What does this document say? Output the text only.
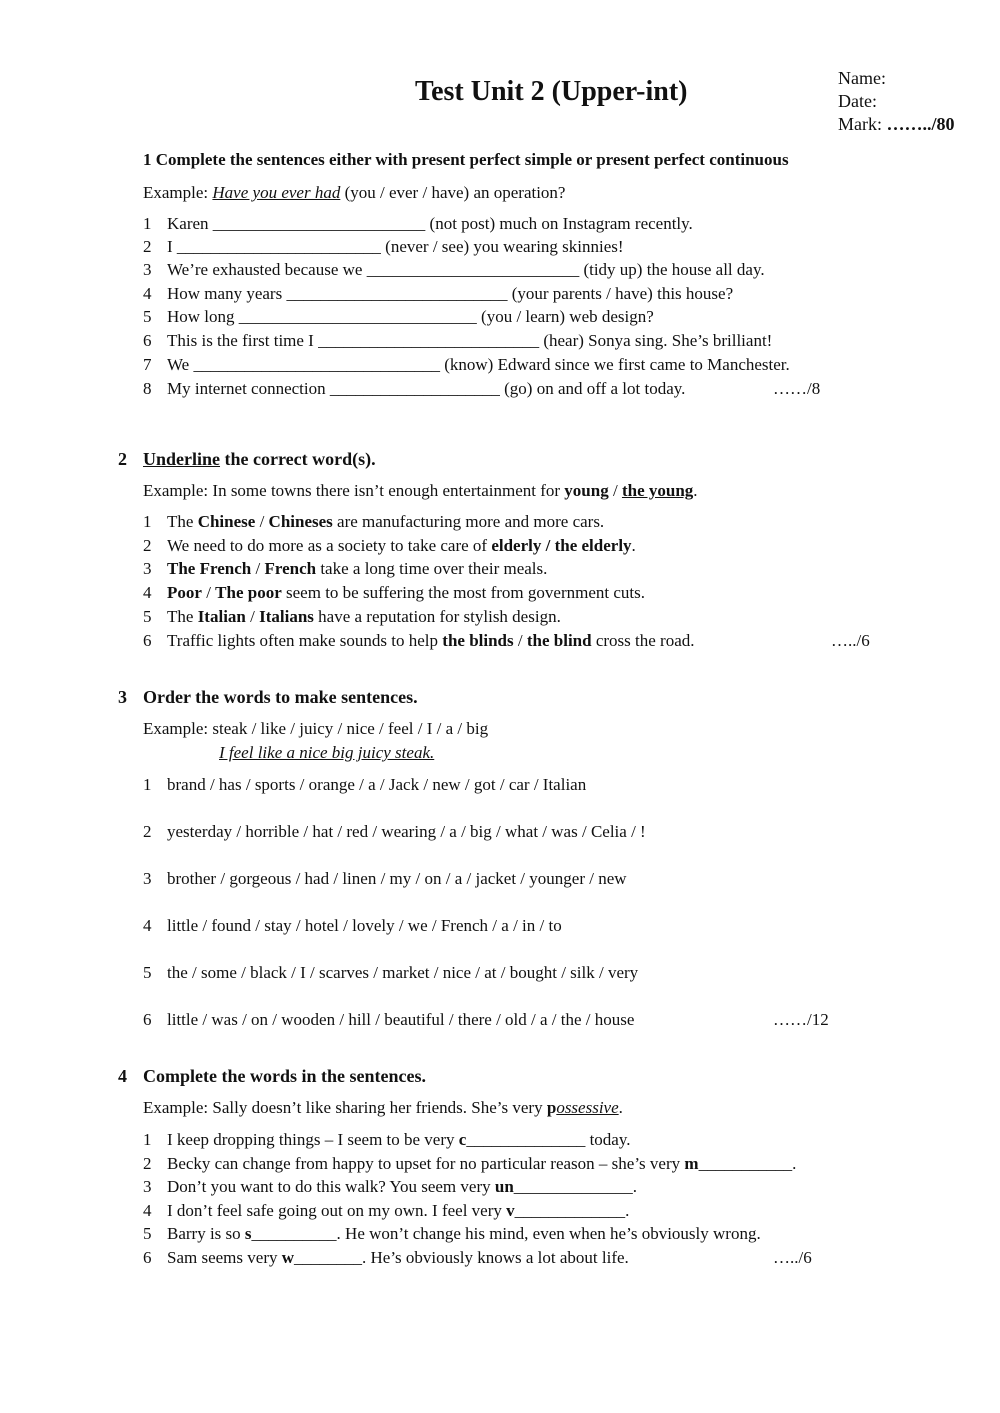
Test Unit 2 (Upper-int)	Name:
Date:
Mark: ……../80
1 Complete the sentences either with present perfect simple or present perfect continuous
Example: Have you ever had (you / ever / have) an operation?
1 Karen _________________________ (not post) much on Instagram recently.
2 I ________________________ (never / see) you wearing skinnies!
3 We’re exhausted because we _________________________ (tidy up) the house all day.
4 How many years __________________________ (your parents / have) this house?
5 How long ____________________________ (you / learn) web design?
6 This is the first time I __________________________ (hear) Sonya sing. She’s brilliant!
7 We _____________________________ (know) Edward since we first came to Manchester.
8 My internet connection ____________________ (go) on and off a lot today.	……/8
2 Underline the correct word(s).
Example: In some towns there isn’t enough entertainment for young / the young.
1 The Chinese / Chineses are manufacturing more and more cars.
2 We need to do more as a society to take care of elderly / the elderly.
3 The French / French take a long time over their meals.
4 Poor / The poor seem to be suffering the most from government cuts.
5 The Italian / Italians have a reputation for stylish design.
6 Traffic lights often make sounds to help the blinds / the blind cross the road.	…../6
3 Order the words to make sentences.
Example: steak / like / juicy / nice / feel / I / a / big
I feel like a nice big juicy steak.
1 brand / has / sports / orange / a / Jack / new / got / car / Italian
2 yesterday / horrible / hat / red / wearing / a / big / what / was / Celia / !
3 brother / gorgeous / had / linen / my / on / a / jacket / younger / new
4 little / found / stay / hotel / lovely / we / French / a / in / to
5 the / some / black / I / scarves / market / nice / at / bought / silk / very
6 little / was / on / wooden / hill / beautiful / there / old / a / the / house	……/12
4 Complete the words in the sentences.
Example: Sally doesn’t like sharing her friends. She’s very possessive.
1 I keep dropping things – I seem to be very c______________ today.
2 Becky can change from happy to upset for no particular reason – she’s very m___________.
3 Don’t you want to do this walk? You seem very un______________.
4 I don’t feel safe going out on my own. I feel very v_____________.
5 Barry is so s__________. He won’t change his mind, even when he’s obviously wrong.
6 Sam seems very w________. He’s obviously knows a lot about life.	…../6
